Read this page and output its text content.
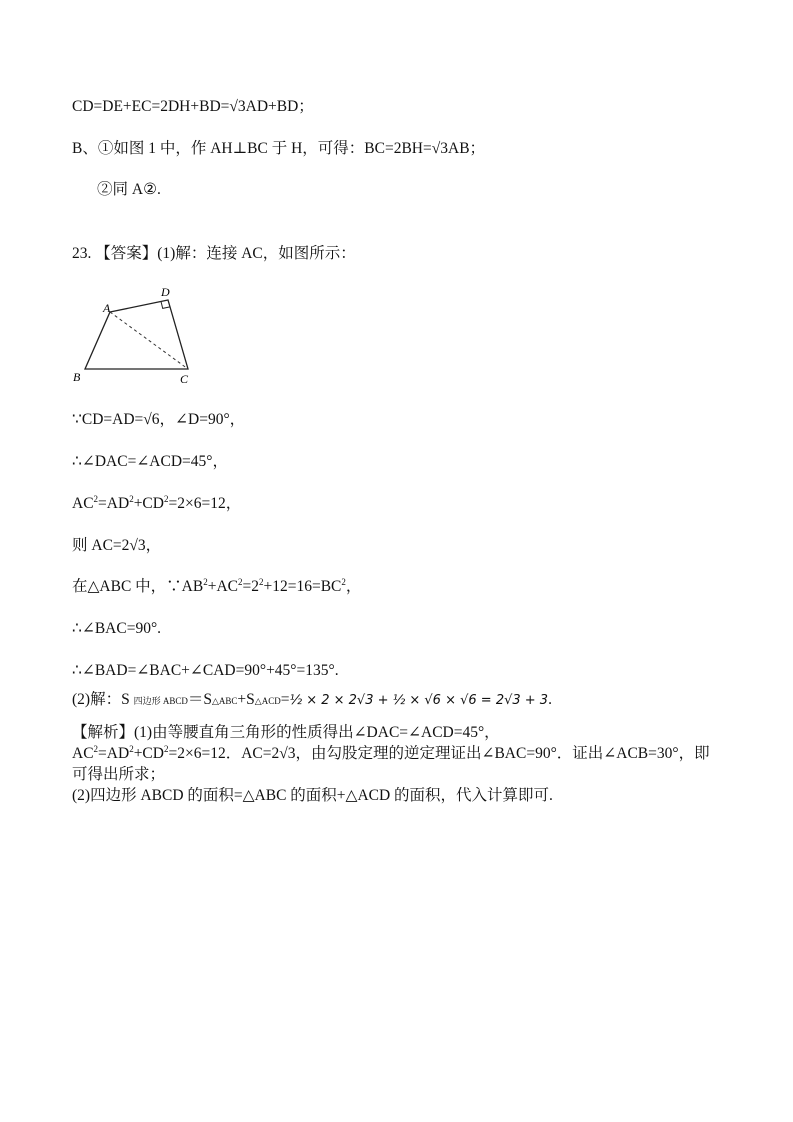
CD=DE+EC=2DH+BD=√3AD+BD；
B、①如图 1 中，作 AH⊥BC 于 H，可得：BC=2BH=√3AB；
②同 A②.
23. 【答案】(1)解：连接 AC，如图所示：
A
D
B	C
∵CD=AD=√6，∠D=90°，
∴∠DAC=∠ACD=45°，
$AC^2=AD^2+CD^2=2\times 6=12$，
则 AC=2√3，
在△ABC 中，$\because AB^2+AC^2=2^2+12=16=BC^2$，
∴∠BAC=90°.
∴∠BAD=∠BAC+∠CAD=90°+45°=135°.
(2)解：S 四边形 ABCD＝S△ABC+S△ACD=½ × 2 × 2√3 + ½ × √6 × √6 = 2√3 + 3.
【解析】(1)由等腰直角三角形的性质得出∠DAC=∠ACD=45°，
$AC^2=AD^2+CD^2=2\times 6=12$．AC=2√3，由勾股定理的逆定理证出∠BAC=90°．证出∠ACB=30°，即
可得出所求；
(2)四边形 ABCD 的面积=△ABC 的面积+△ACD 的面积，代入计算即可.
